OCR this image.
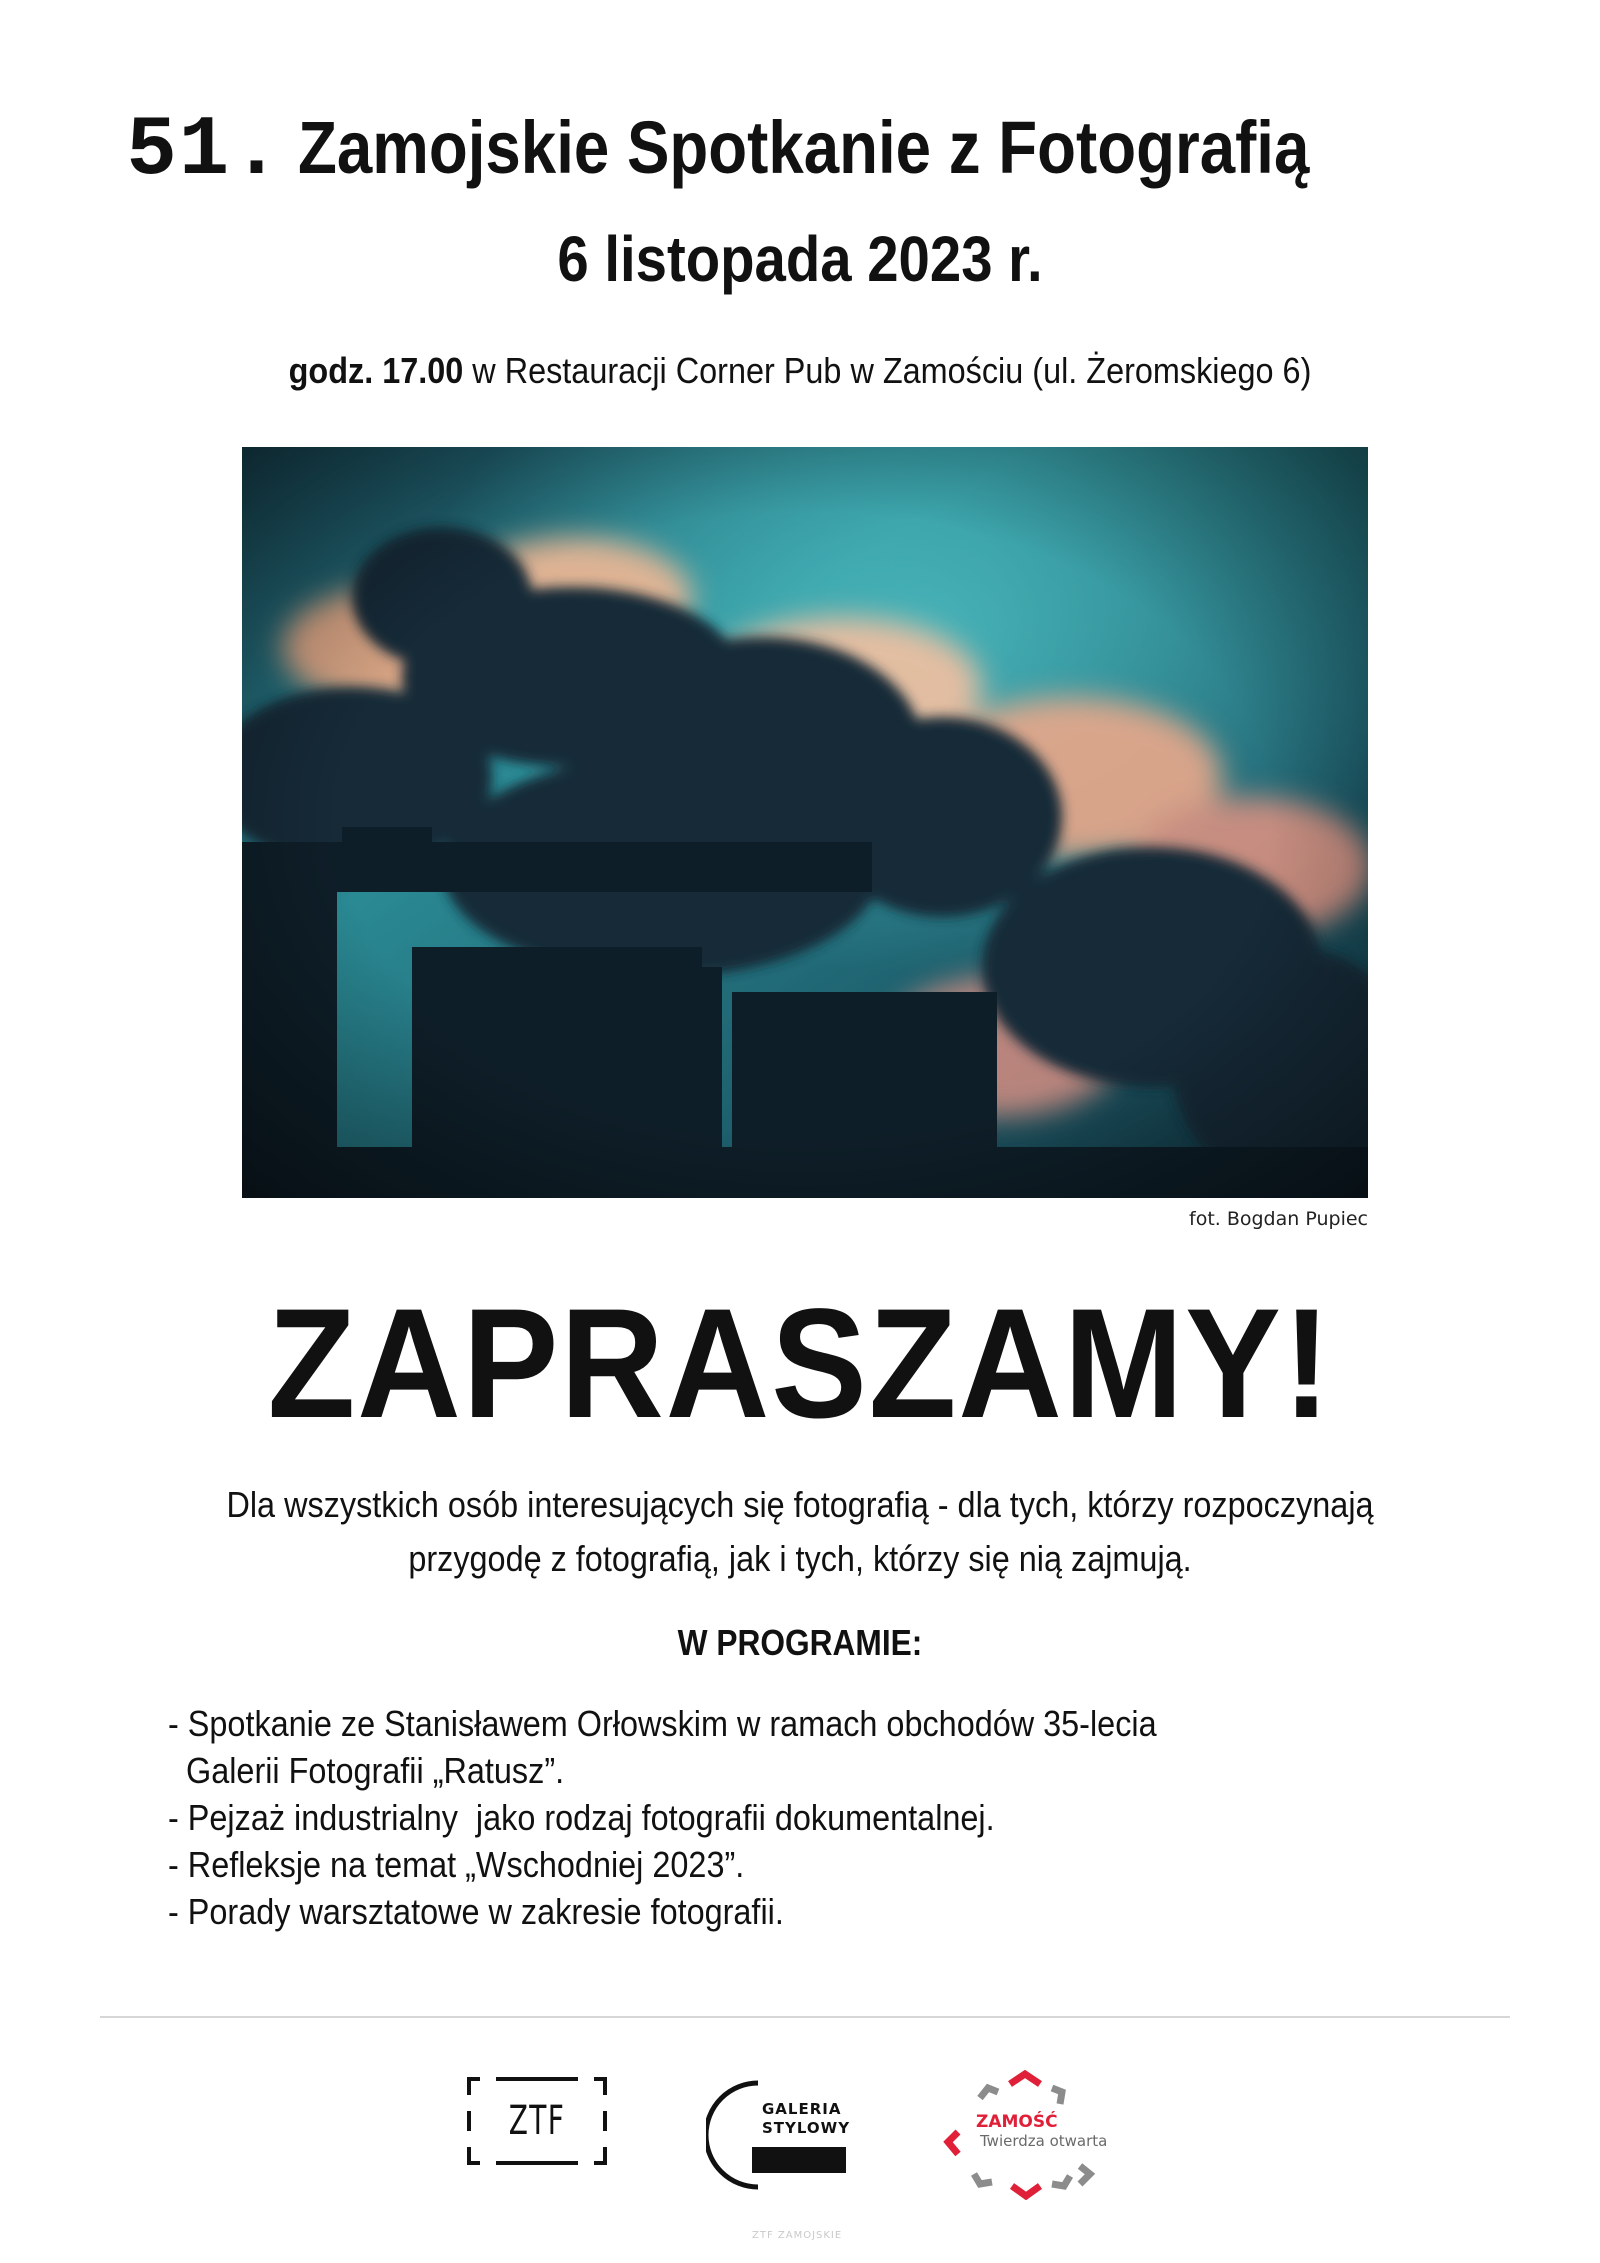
51. Zamojskie Spotkanie z Fotografią
6 listopada 2023 r.
godz. 17.00 w Restauracji Corner Pub w Zamościu (ul. Żeromskiego 6)
fot. Bogdan Pupiec
ZAPRASZAMY!
Dla wszystkich osób interesujących się fotografią - dla tych, którzy rozpoczynają
przygodę z fotografią, jak i tych, którzy się nią zajmują.
W PROGRAMIE:
- Spotkanie ze Stanisławem Orłowskim w ramach obchodów 35-lecia
Galerii Fotografii „Ratusz”.
- Pejzaż industrialny  jako rodzaj fotografii dokumentalnej.
- Refleksje na temat „Wschodniej 2023”.
- Porady warsztatowe w zakresie fotografii.
ZTF	GALERIA
STYLOWY	ZAMOŚĆ
Twierdza otwarta
ZTF ZAMOJSKIE
